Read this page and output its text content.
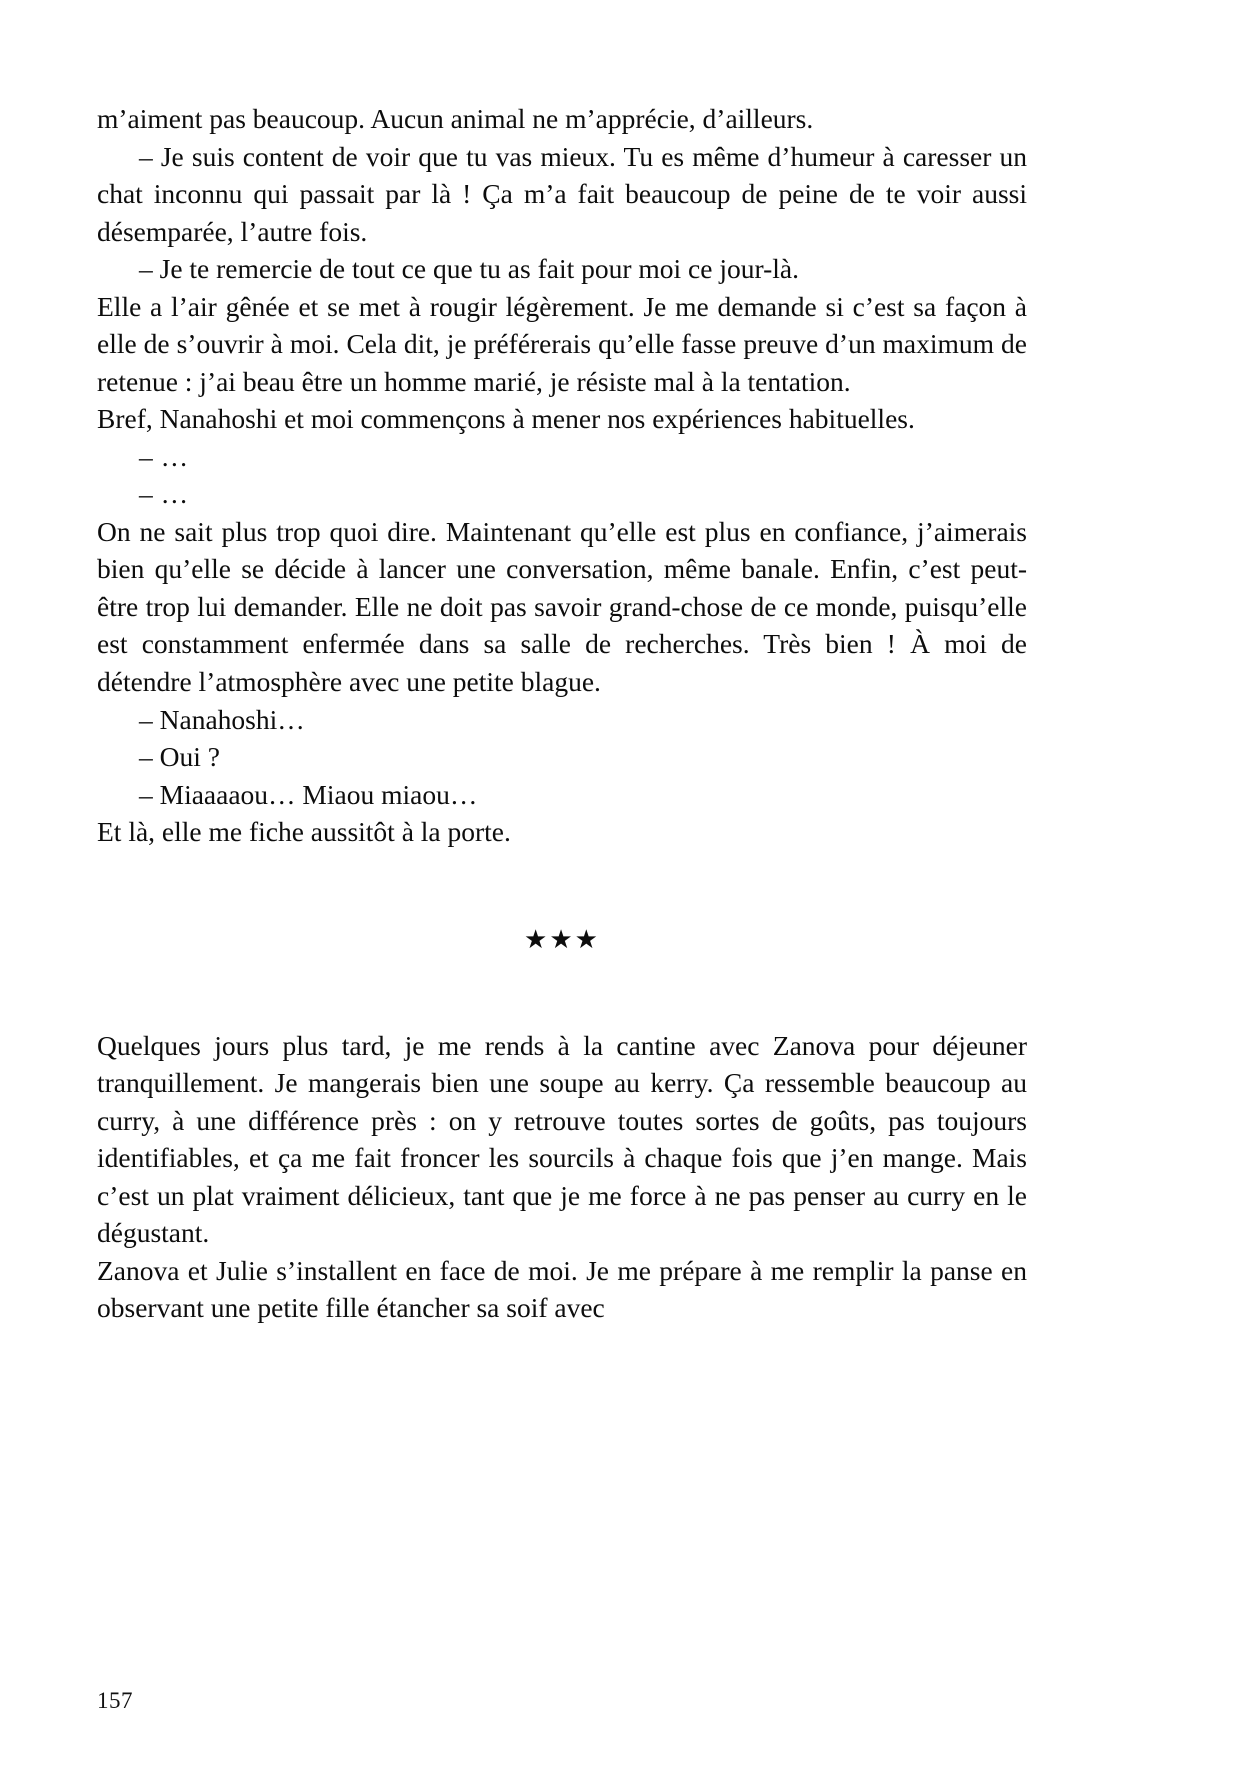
m’aiment pas beaucoup. Aucun animal ne m’apprécie, d’ailleurs.

– Je suis content de voir que tu vas mieux. Tu es même d’humeur à caresser un chat inconnu qui passait par là ! Ça m’a fait beaucoup de peine de te voir aussi désemparée, l’autre fois.

– Je te remercie de tout ce que tu as fait pour moi ce jour-là.

Elle a l’air gênée et se met à rougir légèrement. Je me demande si c’est sa façon à elle de s’ouvrir à moi. Cela dit, je préférerais qu’elle fasse preuve d’un maximum de retenue : j’ai beau être un homme marié, je résiste mal à la tentation.

Bref, Nanahoshi et moi commençons à mener nos expériences habituelles.

– …

– …

On ne sait plus trop quoi dire. Maintenant qu’elle est plus en confiance, j’aimerais bien qu’elle se décide à lancer une conversation, même banale. Enfin, c’est peut-être trop lui demander. Elle ne doit pas savoir grand-chose de ce monde, puisqu’elle est constamment enfermée dans sa salle de recherches. Très bien ! À moi de détendre l’atmosphère avec une petite blague.

– Nanahoshi…

– Oui ?

– Miaaaaou… Miaou miaou…

Et là, elle me fiche aussitôt à la porte.

★★★

Quelques jours plus tard, je me rends à la cantine avec Zanova pour déjeuner tranquillement. Je mangerais bien une soupe au kerry. Ça ressemble beaucoup au curry, à une différence près : on y retrouve toutes sortes de goûts, pas toujours identifiables, et ça me fait froncer les sourcils à chaque fois que j’en mange. Mais c’est un plat vraiment délicieux, tant que je me force à ne pas penser au curry en le dégustant.

Zanova et Julie s’installent en face de moi. Je me prépare à me remplir la panse en observant une petite fille étancher sa soif avec

157
